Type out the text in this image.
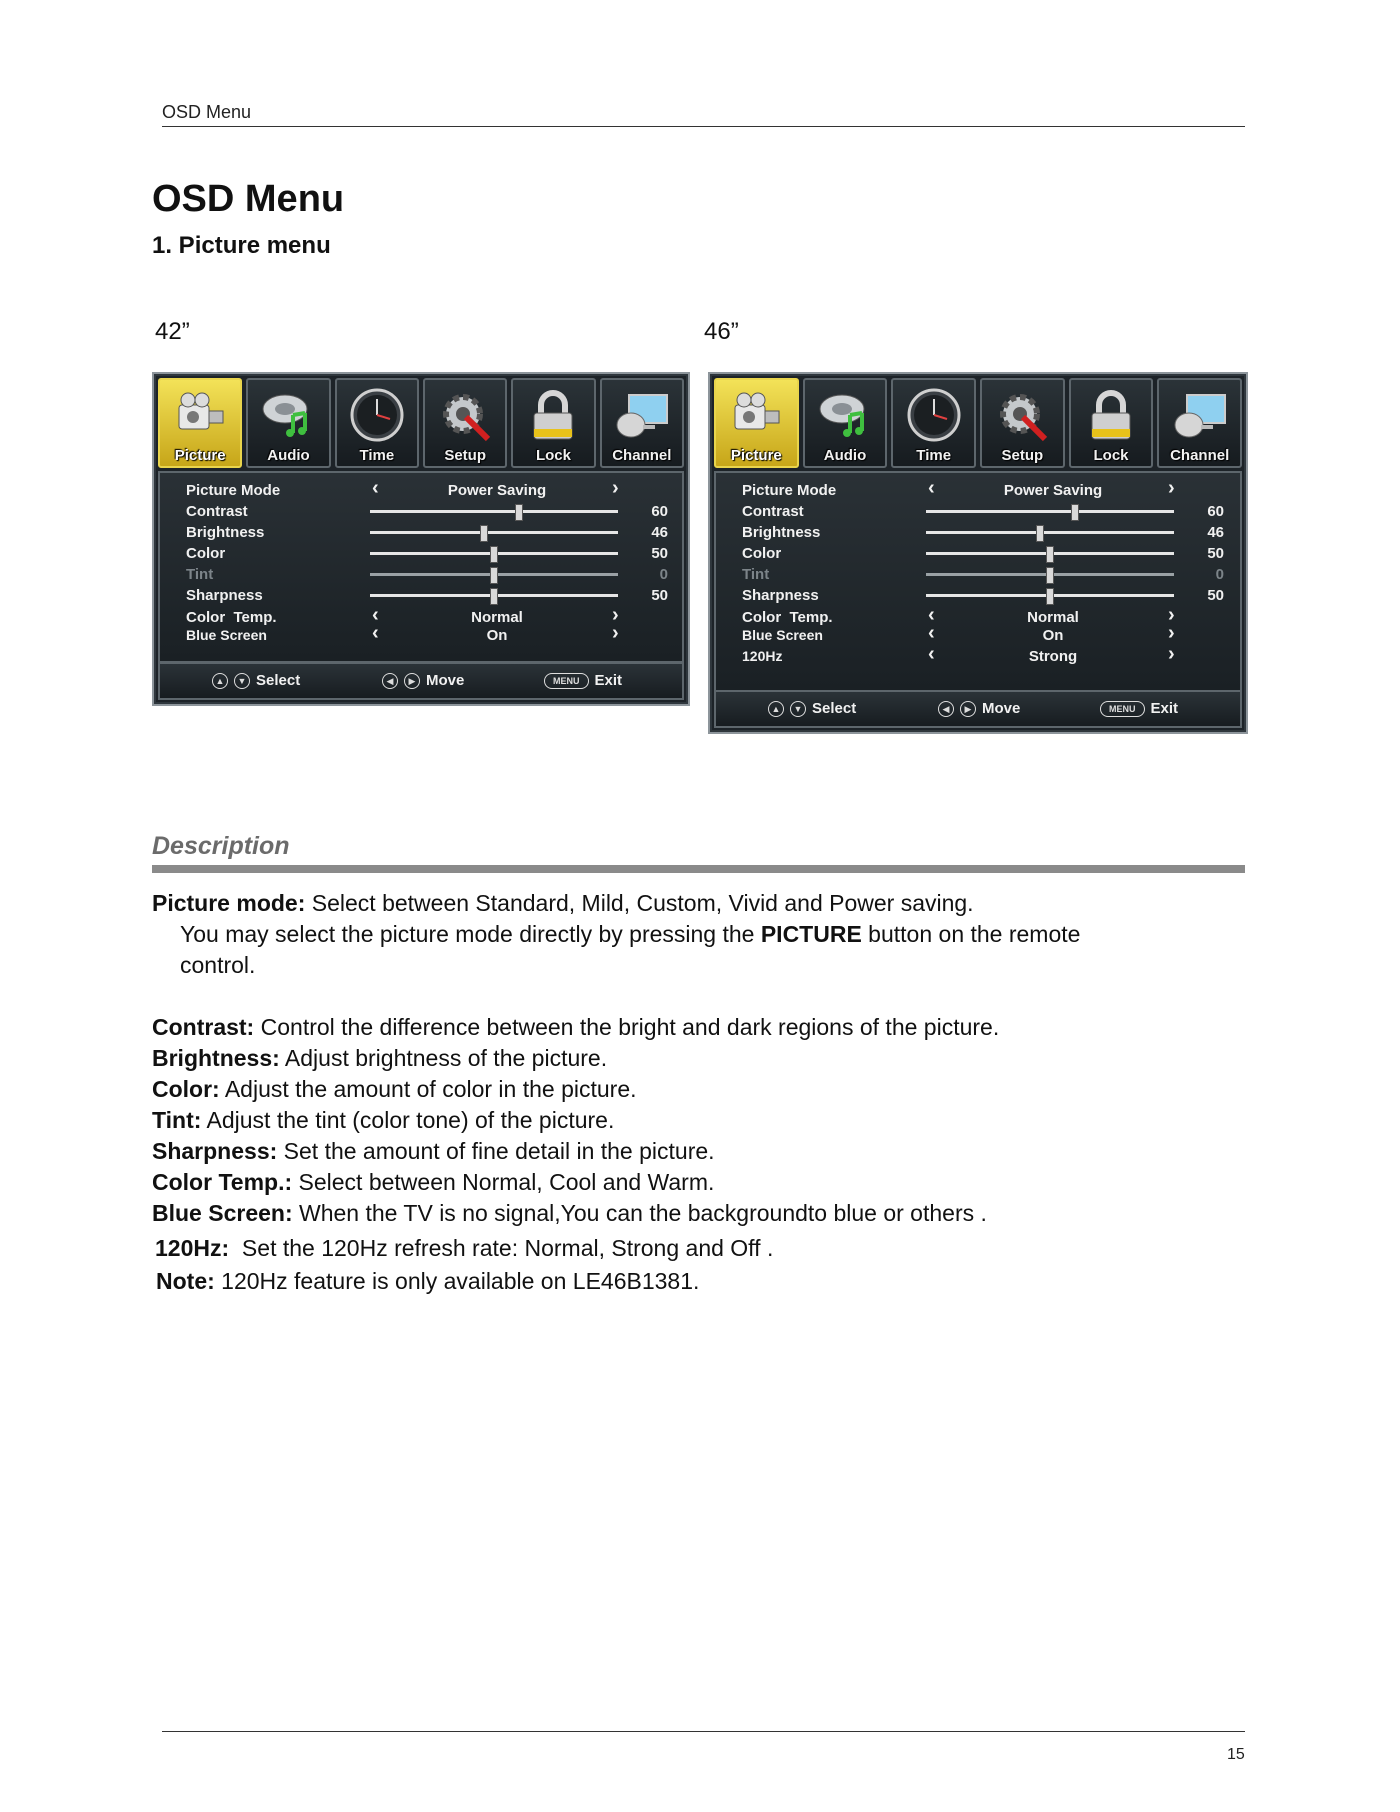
OSD Menu
OSD Menu
1. Picture menu
42”	46”
Picture	Audio	Time	Setup	Lock	Channel
Picture Mode	‹	Power Saving	›
Contrast	60
Brightness	46
Color	50
Tint	0
Sharpness	50
Color  Temp.	‹	Normal	›
Blue Screen	‹	On	›
▲	▼ Select	◀	▶ Move	MENU	Exit
Picture	Audio	Time	Setup	Lock	Channel
Picture Mode	‹	Power Saving	›
Contrast	60
Brightness	46
Color	50
Tint	0
Sharpness	50
Color  Temp.	‹	Normal	›
Blue Screen	‹	On	›
120Hz	‹	Strong	›
▲	▼ Select	◀	▶ Move	MENU	Exit
Description
Picture mode: Select between Standard, Mild, Custom, Vivid and Power saving.
You may select the picture mode directly by pressing the PICTURE button on the remote
control.
Contrast: Control the difference between the bright and dark regions of the picture.
Brightness: Adjust brightness of the picture.
Color: Adjust the amount of color in the picture.
Tint: Adjust the tint (color tone) of the picture.
Sharpness: Set the amount of fine detail in the picture.
Color Temp.: Select between Normal, Cool and Warm.
Blue Screen: When the TV is no signal,You can the backgroundto blue or others .
120Hz:  Set the 120Hz refresh rate: Normal, Strong and Off .
Note: 120Hz feature is only available on LE46B1381.
15
